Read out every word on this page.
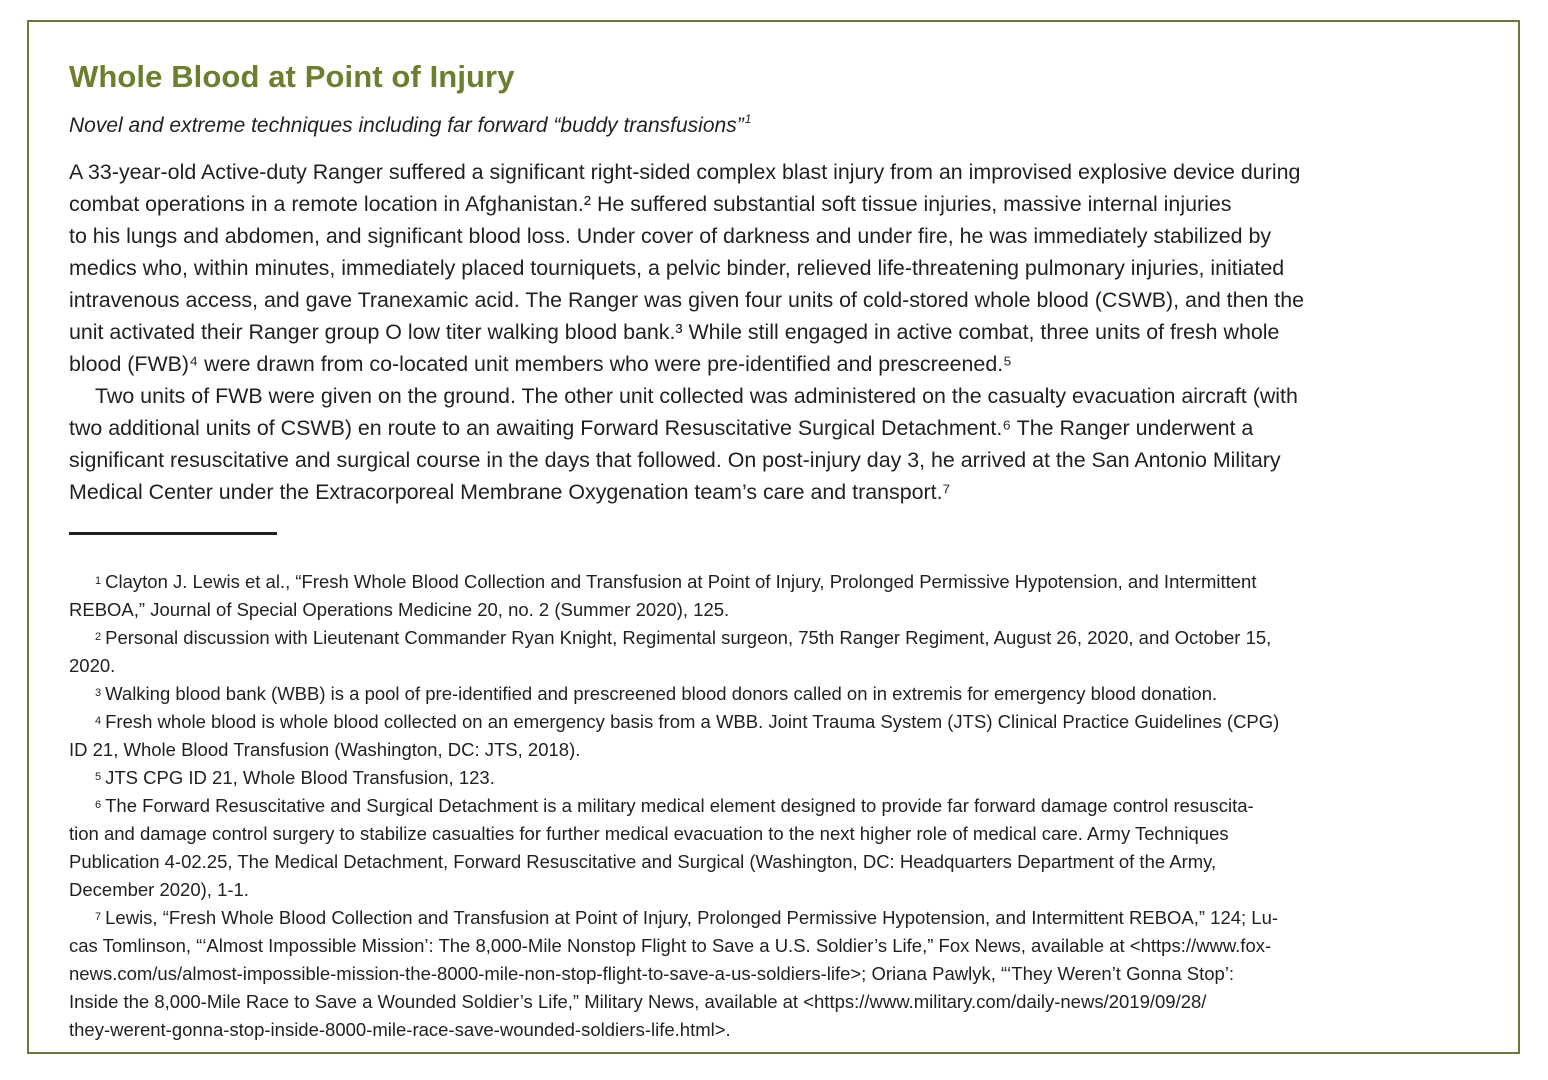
Whole Blood at Point of Injury

Novel and extreme techniques including far forward “buddy transfusions”$^1$

A 33-year-old Active-duty Ranger suffered a significant right-sided complex blast injury from an improvised explosive device during
combat operations in a remote location in Afghanistan.² He suffered substantial soft tissue injuries, massive internal injuries
to his lungs and abdomen, and significant blood loss. Under cover of darkness and under fire, he was immediately stabilized by
medics who, within minutes, immediately placed tourniquets, a pelvic binder, relieved life-threatening pulmonary injuries, initiated
intravenous access, and gave Tranexamic acid. The Ranger was given four units of cold-stored whole blood (CSWB), and then the
unit activated their Ranger group O low titer walking blood bank.³ While still engaged in active combat, three units of fresh whole
blood (FWB)⁴ were drawn from co-located unit members who were pre-identified and prescreened.⁵
Two units of FWB were given on the ground. The other unit collected was administered on the casualty evacuation aircraft (with
two additional units of CSWB) en route to an awaiting Forward Resuscitative Surgical Detachment.⁶ The Ranger underwent a
significant resuscitative and surgical course in the days that followed. On post-injury day 3, he arrived at the San Antonio Military
Medical Center under the Extracorporeal Membrane Oxygenation team’s care and transport.⁷
$^1$ Clayton J. Lewis et al., “Fresh Whole Blood Collection and Transfusion at Point of Injury, Prolonged Permissive Hypotension, and Intermittent
REBOA,” Journal of Special Operations Medicine 20, no. 2 (Summer 2020), 125.
$^2$ Personal discussion with Lieutenant Commander Ryan Knight, Regimental surgeon, 75th Ranger Regiment, August 26, 2020, and October 15,
2020.
$^3$ Walking blood bank (WBB) is a pool of pre-identified and prescreened blood donors called on in extremis for emergency blood donation.
$^4$ Fresh whole blood is whole blood collected on an emergency basis from a WBB. Joint Trauma System (JTS) Clinical Practice Guidelines (CPG)
ID 21, Whole Blood Transfusion (Washington, DC: JTS, 2018).
$^5$ JTS CPG ID 21, Whole Blood Transfusion, 123.
$^6$ The Forward Resuscitative and Surgical Detachment is a military medical element designed to provide far forward damage control resuscita-
tion and damage control surgery to stabilize casualties for further medical evacuation to the next higher role of medical care. Army Techniques
Publication 4-02.25, The Medical Detachment, Forward Resuscitative and Surgical (Washington, DC: Headquarters Department of the Army,
December 2020), 1-1.
$^7$ Lewis, “Fresh Whole Blood Collection and Transfusion at Point of Injury, Prolonged Permissive Hypotension, and Intermittent REBOA,” 124; Lu-
cas Tomlinson, “‘Almost Impossible Mission’: The 8,000-Mile Nonstop Flight to Save a U.S. Soldier’s Life,” Fox News, available at <https://www.fox-
news.com/us/almost-impossible-mission-the-8000-mile-non-stop-flight-to-save-a-us-soldiers-life>; Oriana Pawlyk, “‘They Weren’t Gonna Stop’:
Inside the 8,000-Mile Race to Save a Wounded Soldier’s Life,” Military News, available at <https://www.military.com/daily-news/2019/09/28/
they-werent-gonna-stop-inside-8000-mile-race-save-wounded-soldiers-life.html>.
